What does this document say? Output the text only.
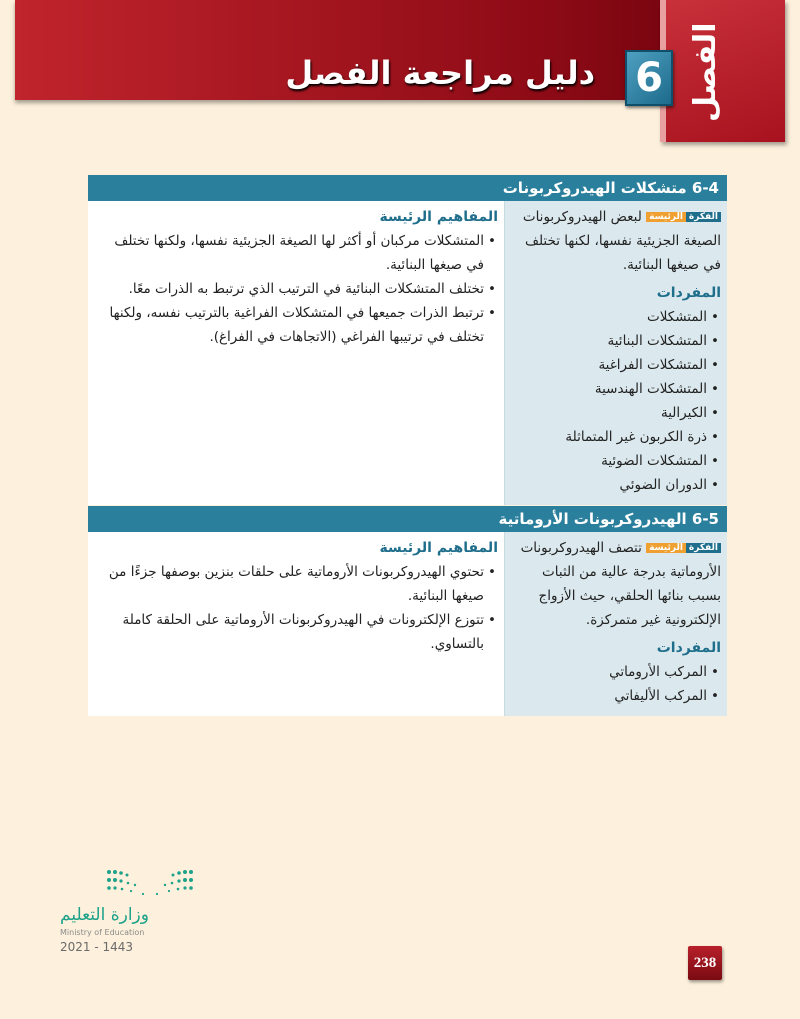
الفصل
6
دليل مراجعة الفصل
6-4 متشكلات الهيدروكربونات
الفكرةالرئيسة لبعض الهيدروكربونات الصيغة الجزيئية نفسها، لكنها تختلف في صيغها البنائية.
المفردات
• المتشكلات
• المتشكلات البنائية
• المتشكلات الفراغية
• المتشكلات الهندسية
• الكيرالية
• ذرة الكربون غير المتماثلة
• المتشكلات الضوئية
• الدوران الضوئي
المفاهيم الرئيسة
• المتشكلات مركبان أو أكثر لها الصيغة الجزيئية نفسها، ولكنها تختلف في صيغها البنائية.
• تختلف المتشكلات البنائية في الترتيب الذي ترتبط به الذرات معًا.
• ترتبط الذرات جميعها في المتشكلات الفراغية بالترتيب نفسه، ولكنها تختلف في ترتيبها الفراغي (الاتجاهات في الفراغ).
6-5 الهيدروكربونات الأروماتية
الفكرةالرئيسة تتصف الهيدروكربونات الأروماتية بدرجة عالية من الثبات بسبب بنائها الحلقي، حيث الأزواج الإلكترونية غير متمركزة.
المفردات
• المركب الأروماتي
• المركب الأليفاتي
المفاهيم الرئيسة
• تحتوي الهيدروكربونات الأروماتية على حلقات بنزين بوصفها جزءًا من صيغها البنائية.
• تتوزع الإلكترونات في الهيدروكربونات الأروماتية على الحلقة كاملة بالتساوي.
وزارة التعليم
Ministry of Education
2021 - 1443
238
